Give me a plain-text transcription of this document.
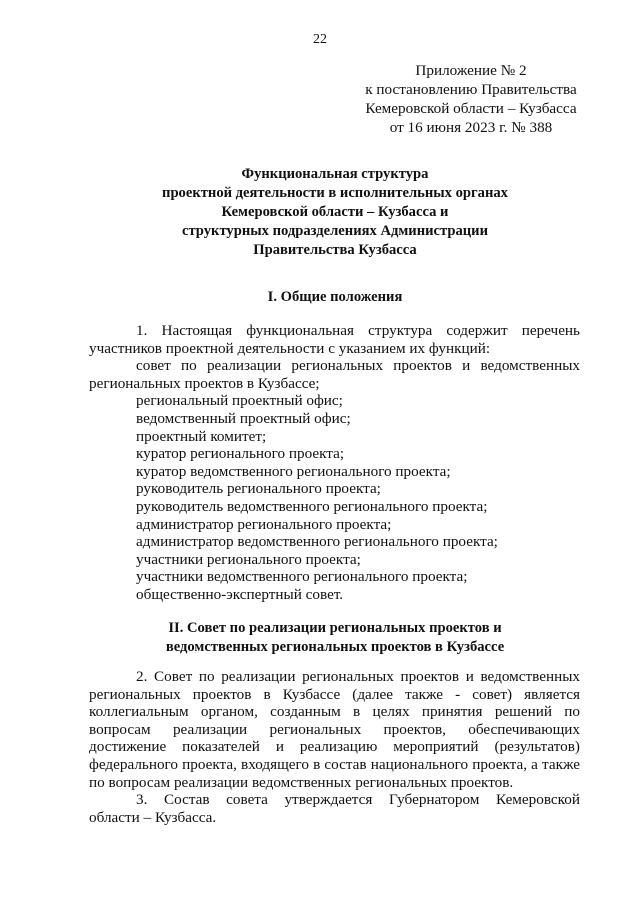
22
Приложение № 2
к постановлению Правительства
Кемеровской области – Кузбасса
от 16 июня 2023 г. № 388
Функциональная структура
проектной деятельности в исполнительных органах
Кемеровской области – Кузбасса и
структурных подразделениях Администрации
Правительства Кузбасса
I. Общие положения
1. Настоящая функциональная структура содержит перечень
участников проектной деятельности с указанием их функций:
совет по реализации региональных проектов и ведомственных
региональных проектов в Кузбассе;
региональный проектный офис;
ведомственный проектный офис;
проектный комитет;
куратор регионального проекта;
куратор ведомственного регионального проекта;
руководитель регионального проекта;
руководитель ведомственного регионального проекта;
администратор регионального проекта;
администратор ведомственного регионального проекта;
участники регионального проекта;
участники ведомственного регионального проекта;
общественно-экспертный совет.
II. Совет по реализации региональных проектов и
ведомственных региональных проектов в Кузбассе
2. Совет по реализации региональных проектов и ведомственных
региональных проектов в Кузбассе (далее также - совет) является
коллегиальным органом, созданным в целях принятия решений по
вопросам реализации региональных проектов, обеспечивающих
достижение показателей и реализацию мероприятий (результатов)
федерального проекта, входящего в состав национального проекта, а также
по вопросам реализации ведомственных региональных проектов.
3. Состав совета утверждается Губернатором Кемеровской
области – Кузбасса.
